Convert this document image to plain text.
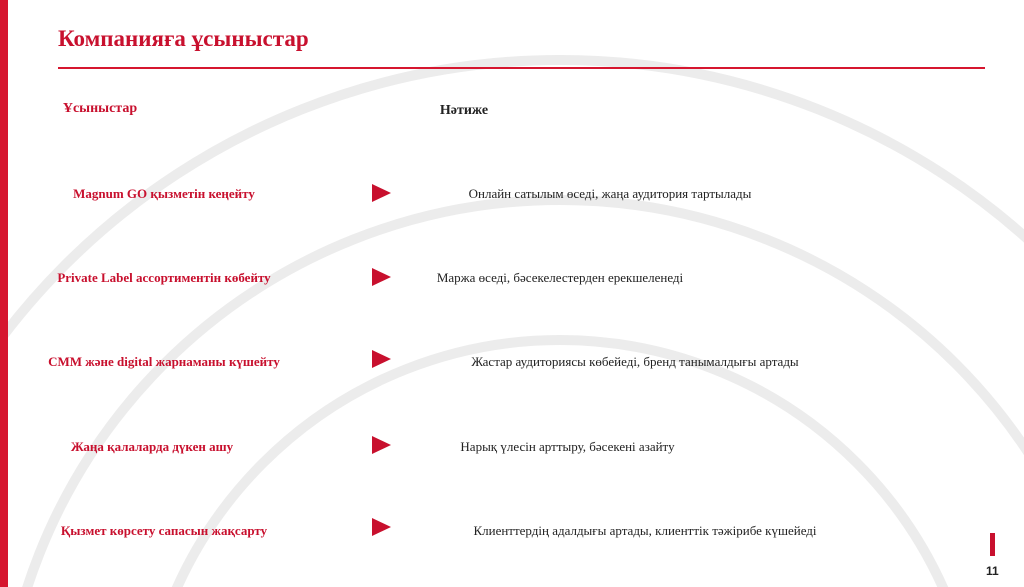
Компанияға ұсыныстар
Ұсыныстар	Нәтиже
Magnum GO қызметін кеңейту	Онлайн сатылым өседі, жаңа аудитория тартылады
Private Label ассортиментін көбейту	Маржа өседі, бәсекелестерден ерекшеленеді
СММ және digital жарнаманы күшейту	Жастар аудиториясы көбейеді, бренд танымалдығы артады
Жаңа қалаларда дүкен ашу	Нарық үлесін арттыру, бәсекені азайту
Қызмет көрсету сапасын жақсарту	Клиенттердің адалдығы артады, клиенттік тәжірибе күшейеді
11
